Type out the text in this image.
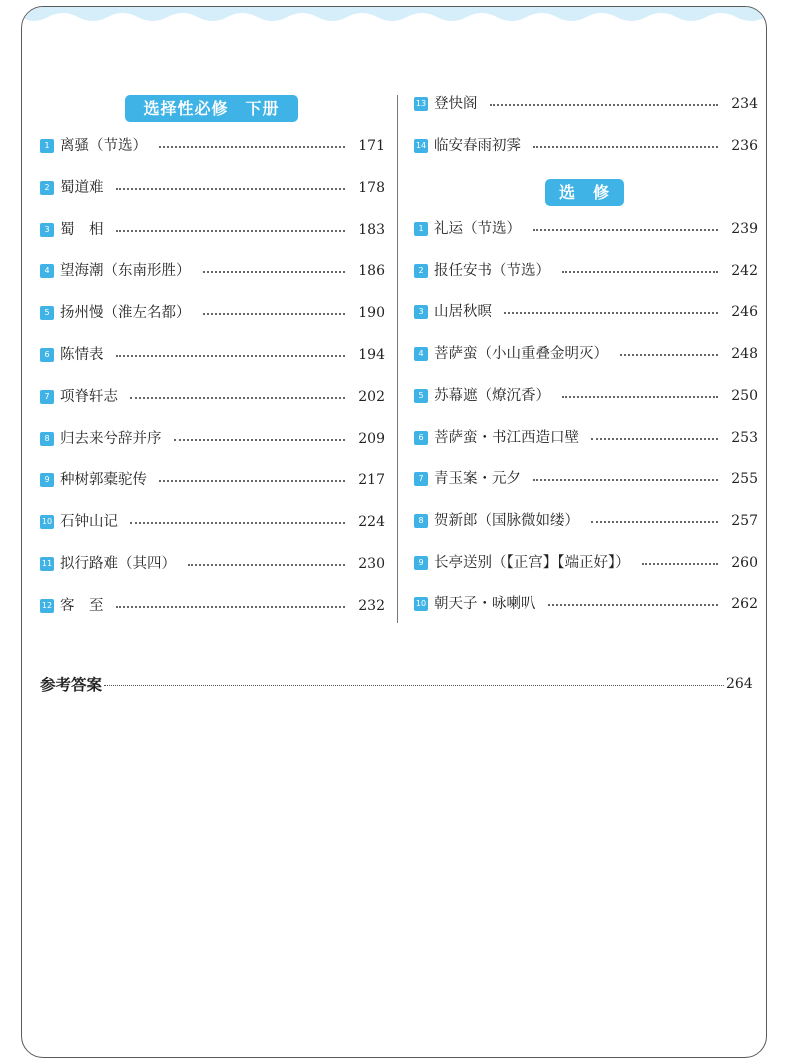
选择性必修　下册
1 离骚（节选）	171
2 蜀道难	178
3 蜀　相	183
4 望海潮（东南形胜）	186
5 扬州慢（淮左名都）	190
6 陈情表	194
7 项脊轩志	202
8 归去来兮辞并序	209
9 种树郭橐驼传	217
10 石钟山记	224
11 拟行路难（其四）	230
12 客　至	232
选　修
13 登快阁	234
14 临安春雨初霁	236
1 礼运（节选）	239
2 报任安书（节选）	242
3 山居秋暝	246
4 菩萨蛮（小山重叠金明灭）	248
5 苏幕遮（燎沉香）	250
6 菩萨蛮・书江西造口壁	253
7 青玉案・元夕	255
8 贺新郎（国脉微如缕）	257
9 长亭送别（【正宫】【端正好】）	260
10 朝天子・咏喇叭	262
参考答案	264
